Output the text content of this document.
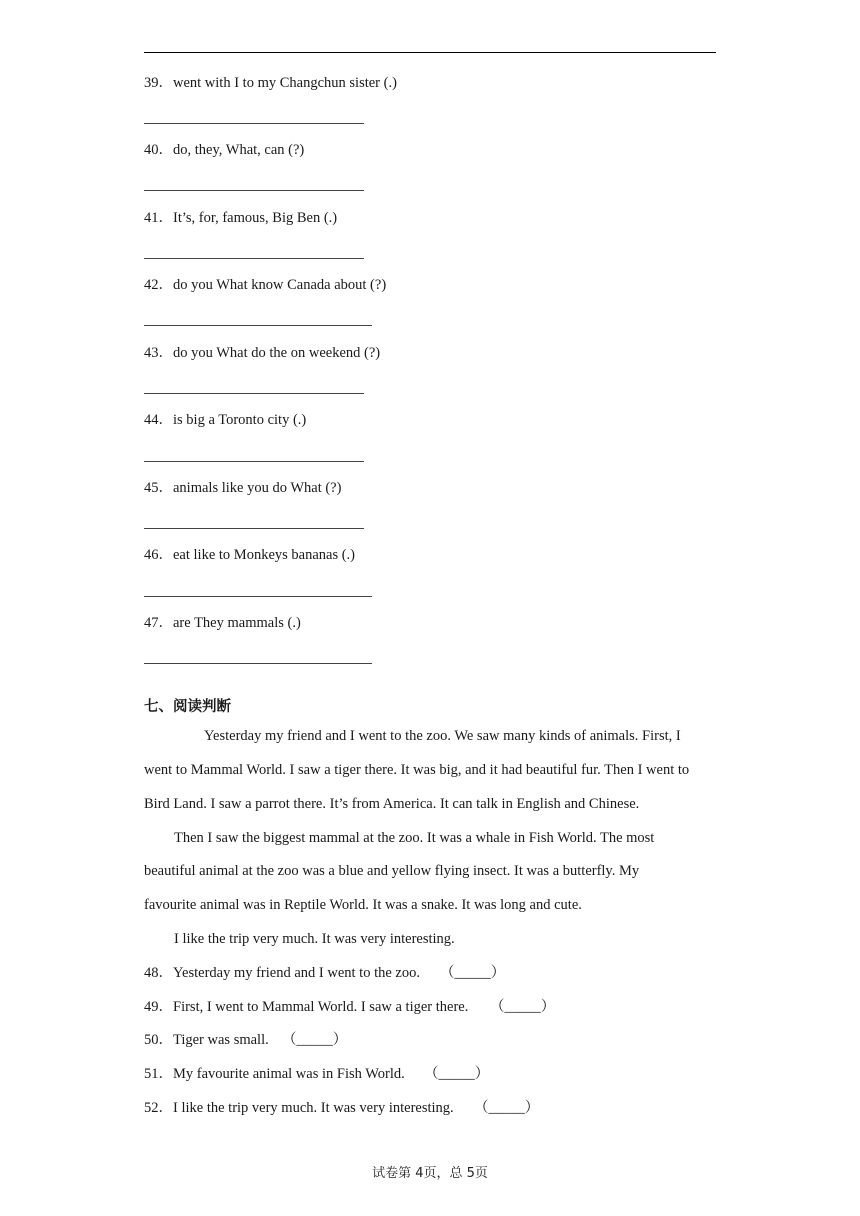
39．went with I to my Changchun sister (.)
40．do, they, What, can (?)
41．It’s, for, famous, Big Ben (.)
42．do you What know Canada about (?)
43．do you What do the on weekend (?)
44．is big a Toronto city (.)
45．animals like you do What (?)
46．eat like to Monkeys bananas (.)
47．are They mammals (.)
七、阅读判断
Yesterday my friend and I went to the zoo. We saw many kinds of animals. First, I
went to Mammal World. I saw a tiger there. It was big, and it had beautiful fur. Then I went to
Bird Land. I saw a parrot there. It’s from America. It can talk in English and Chinese.
Then I saw the biggest mammal at the zoo. It was a whale in Fish World. The most
beautiful animal at the zoo was a blue and yellow flying insect. It was a butterfly. My
favourite animal was in Reptile World. It was a snake. It was long and cute.
I like the trip very much. It was very interesting.
48．Yesterday my friend and I went to the zoo. （_____）
49．First, I went to Mammal World. I saw a tiger there. （_____）
50．Tiger was small. （_____）
51．My favourite animal was in Fish World. （_____）
52．I like the trip very much. It was very interesting. （_____）
试卷第 4页，总 5页
